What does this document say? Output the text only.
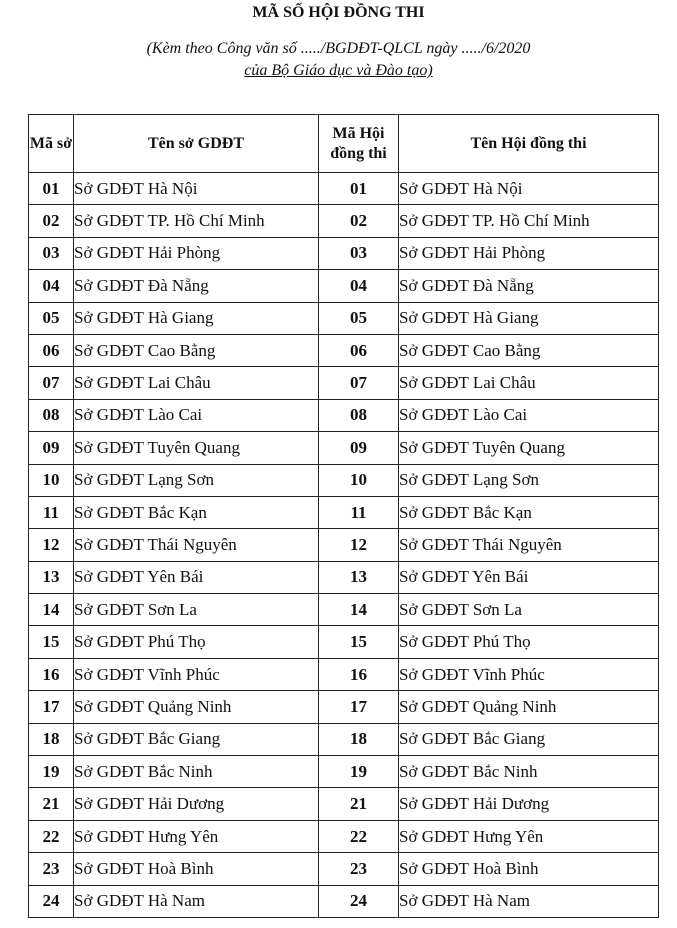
MÃ SỐ HỘI ĐỒNG THI
(Kèm theo Công văn số ...../BGDĐT-QLCL ngày ...../6/2020
của Bộ Giáo dục và Đào tạo)
Mã sở	Tên sở GDĐT	Mã Hội đồng thi	Tên Hội đồng thi
01	Sở GDĐT Hà Nội	01	Sở GDĐT Hà Nội
02	Sở GDĐT TP. Hồ Chí Minh	02	Sở GDĐT TP. Hồ Chí Minh
03	Sở GDĐT Hải Phòng	03	Sở GDĐT Hải Phòng
04	Sở GDĐT Đà Nẵng	04	Sở GDĐT Đà Nẵng
05	Sở GDĐT Hà Giang	05	Sở GDĐT Hà Giang
06	Sở GDĐT Cao Bằng	06	Sở GDĐT Cao Bằng
07	Sở GDĐT Lai Châu	07	Sở GDĐT Lai Châu
08	Sở GDĐT Lào Cai	08	Sở GDĐT Lào Cai
09	Sở GDĐT Tuyên Quang	09	Sở GDĐT Tuyên Quang
10	Sở GDĐT Lạng Sơn	10	Sở GDĐT Lạng Sơn
11	Sở GDĐT Bắc Kạn	11	Sở GDĐT Bắc Kạn
12	Sở GDĐT Thái Nguyên	12	Sở GDĐT Thái Nguyên
13	Sở GDĐT Yên Bái	13	Sở GDĐT Yên Bái
14	Sở GDĐT Sơn La	14	Sở GDĐT Sơn La
15	Sở GDĐT Phú Thọ	15	Sở GDĐT Phú Thọ
16	Sở GDĐT Vĩnh Phúc	16	Sở GDĐT Vĩnh Phúc
17	Sở GDĐT Quảng Ninh	17	Sở GDĐT Quảng Ninh
18	Sở GDĐT Bắc Giang	18	Sở GDĐT Bắc Giang
19	Sở GDĐT Bắc Ninh	19	Sở GDĐT Bắc Ninh
21	Sở GDĐT Hải Dương	21	Sở GDĐT Hải Dương
22	Sở GDĐT Hưng Yên	22	Sở GDĐT Hưng Yên
23	Sở GDĐT Hoà Bình	23	Sở GDĐT Hoà Bình
24	Sở GDĐT Hà Nam	24	Sở GDĐT Hà Nam
